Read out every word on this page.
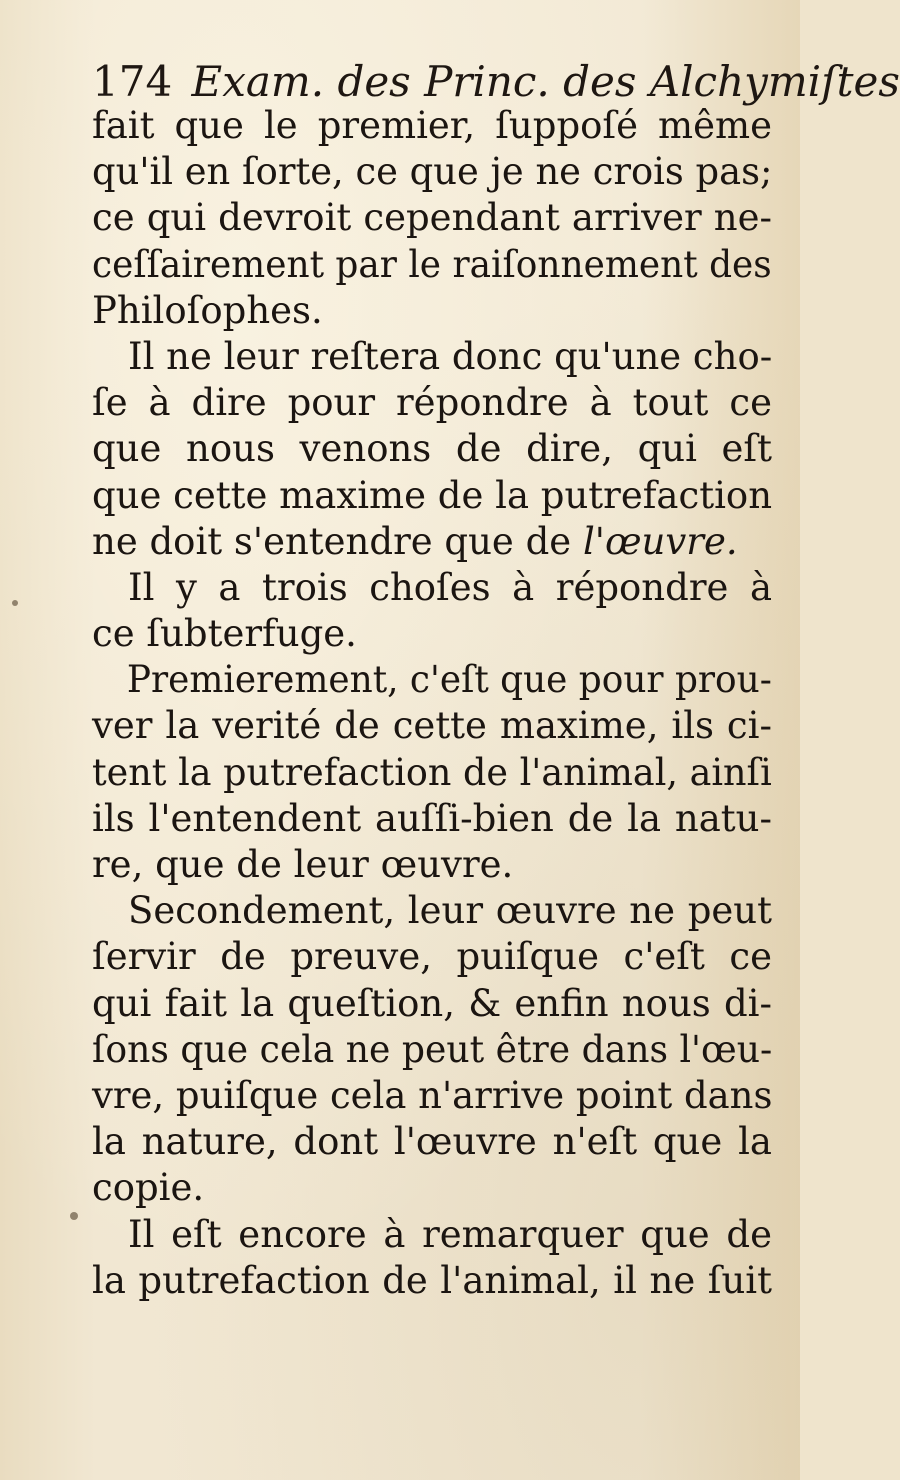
174 Exam. des Princ. des Alchymiſtes
fait que le premier, ſuppoſé même
qu'il en ſorte, ce que je ne crois pas;
ce qui devroit cependant arriver ne-
ceſſairement par le raiſonnement des
Philoſophes.
Il ne leur reſtera donc qu'une cho-
ſe à dire pour répondre à tout ce
que nous venons de dire, qui eſt
que cette maxime de la putrefaction
ne doit s'entendre que de l'œuvre.
Il y a trois choſes à répondre à
ce ſubterfuge.
Premierement, c'eſt que pour prou-
ver la verité de cette maxime, ils ci-
tent la putrefaction de l'animal, ainſi
ils l'entendent auſſi-bien de la natu-
re, que de leur œuvre.
Secondement, leur œuvre ne peut
ſervir de preuve, puiſque c'eſt ce
qui fait la queſtion, & enfin nous di-
ſons que cela ne peut être dans l'œu-
vre, puiſque cela n'arrive point dans
la nature, dont l'œuvre n'eſt que la
copie.
Il eſt encore à remarquer que de
la putrefaction de l'animal, il ne ſuit
